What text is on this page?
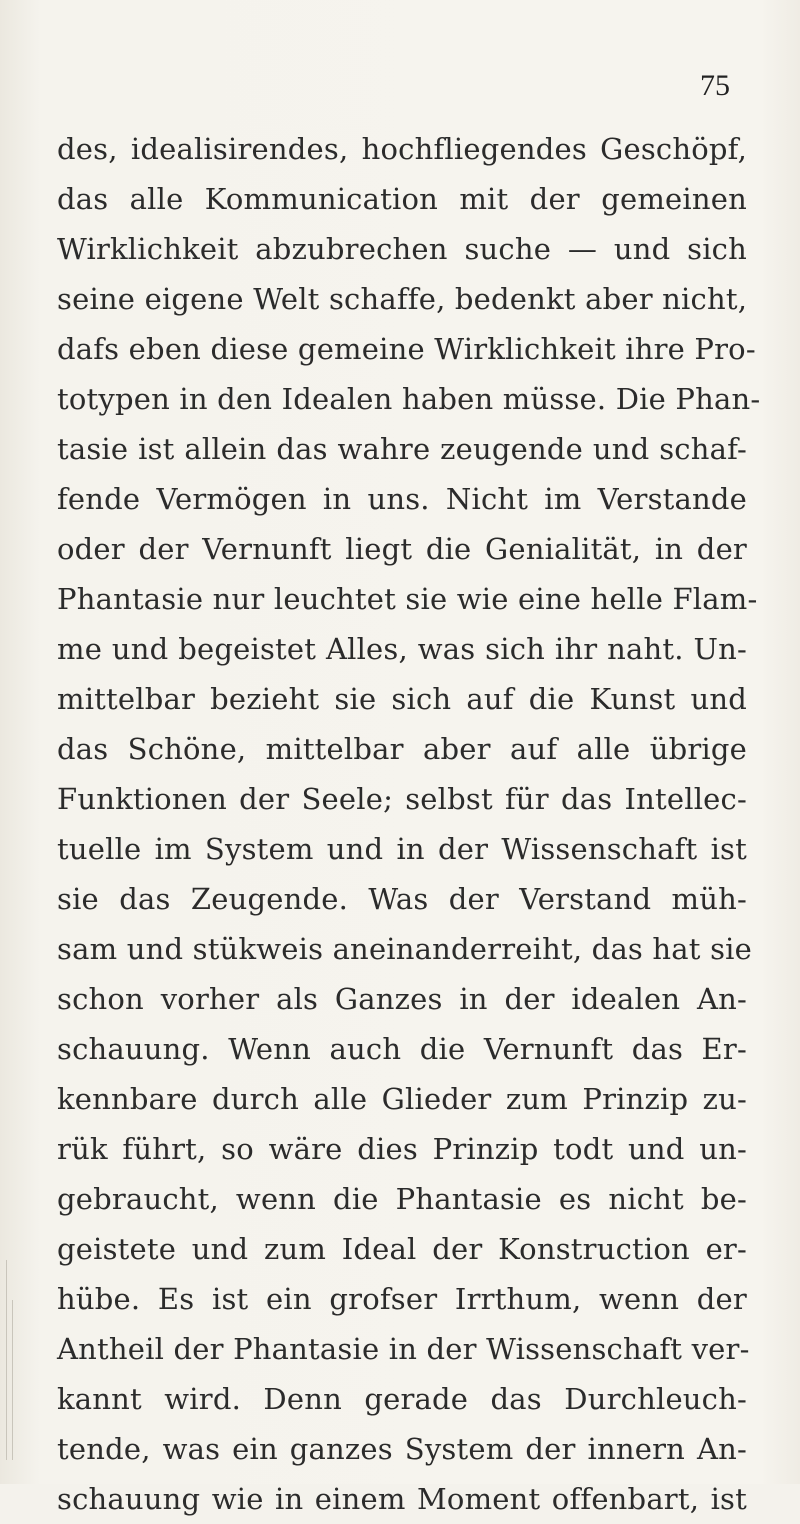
75
des, idealisirendes, hochfliegendes Geschöpf,
das alle Kommunication mit der gemeinen
Wirklichkeit abzubrechen suche — und sich
seine eigene Welt schaffe, bedenkt aber nicht,
dafs eben diese gemeine Wirklichkeit ihre Pro-
totypen in den Idealen haben müsse. Die Phan-
tasie ist allein das wahre zeugende und schaf-
fende Vermögen in uns. Nicht im Verstande
oder der Vernunft liegt die Genialität, in der
Phantasie nur leuchtet sie wie eine helle Flam-
me und begeistet Alles, was sich ihr naht. Un-
mittelbar bezieht sie sich auf die Kunst und
das Schöne, mittelbar aber auf alle übrige
Funktionen der Seele; selbst für das Intellec-
tuelle im System und in der Wissenschaft ist
sie das Zeugende. Was der Verstand müh-
sam und stükweis aneinanderreiht, das hat sie
schon vorher als Ganzes in der idealen An-
schauung. Wenn auch die Vernunft das Er-
kennbare durch alle Glieder zum Prinzip zu-
rük führt, so wäre dies Prinzip todt und un-
gebraucht, wenn die Phantasie es nicht be-
geistete und zum Ideal der Konstruction er-
hübe. Es ist ein grofser Irrthum, wenn der
Antheil der Phantasie in der Wissenschaft ver-
kannt wird. Denn gerade das Durchleuch-
tende, was ein ganzes System der innern An-
schauung wie in einem Moment offenbart, ist
